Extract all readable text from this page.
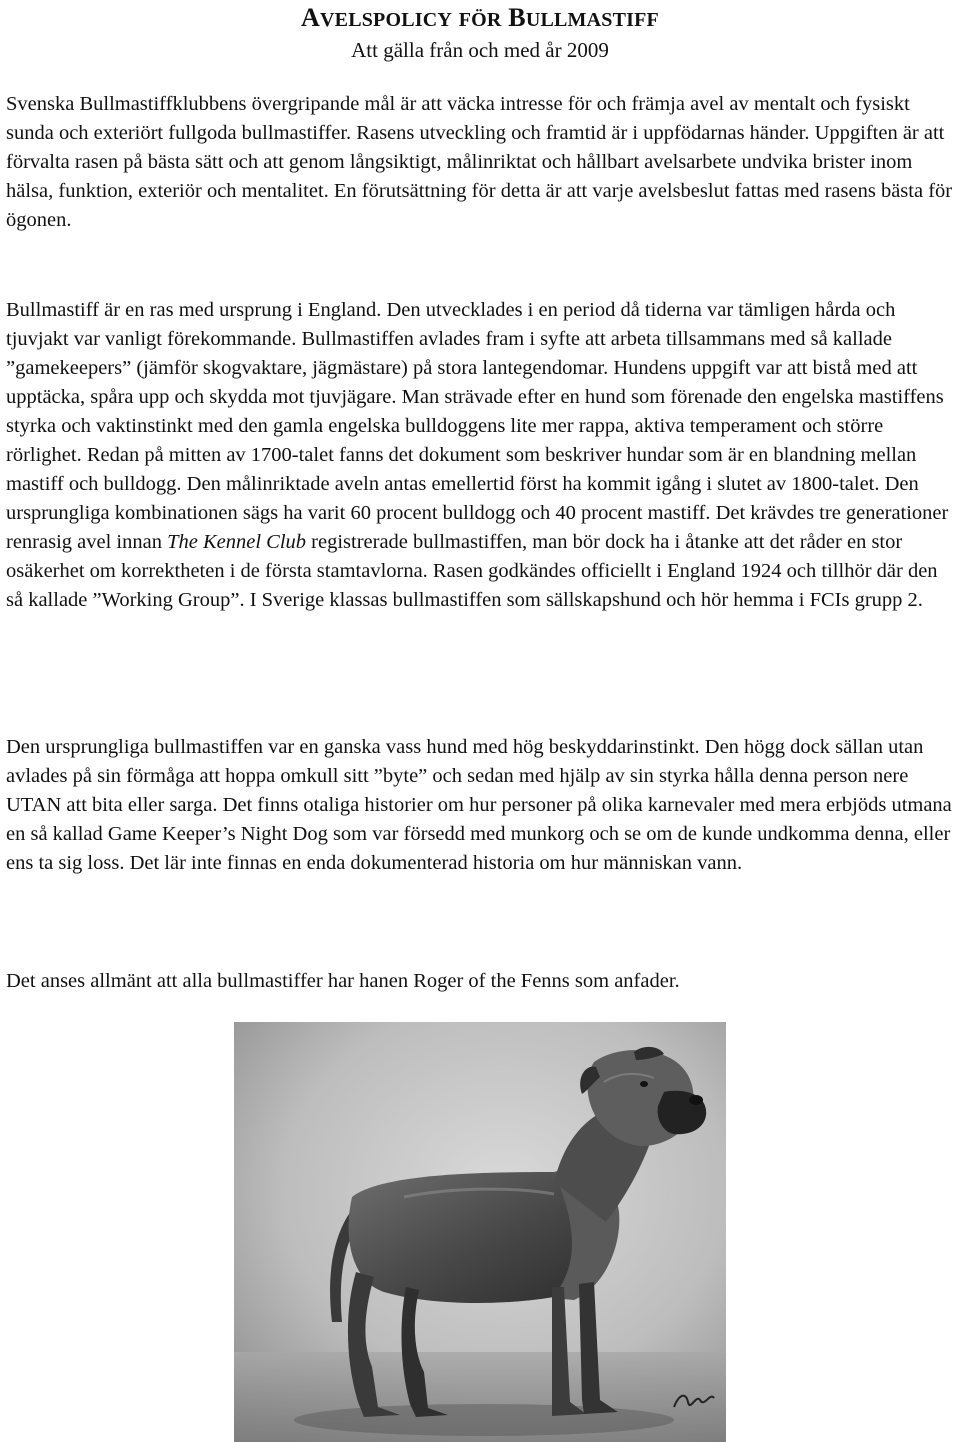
AVELSPOLICY FÖR BULLMASTIFF
Att gälla från och med år 2009

Svenska Bullmastiffklubbens övergripande mål är att väcka intresse för och främja avel av mentalt och fysiskt sunda och exteriört fullgoda bullmastiffer. Rasens utveckling och framtid är i uppfödarnas händer. Uppgiften är att förvalta rasen på bästa sätt och att genom långsiktigt, målinriktat och hållbart avelsarbete undvika brister inom hälsa, funktion, exteriör och mentalitet. En förutsättning för detta är att varje avelsbeslut fattas med rasens bästa för ögonen.

Bullmastiff är en ras med ursprung i England. Den utvecklades i en period då tiderna var tämligen hårda och tjuvjakt var vanligt förekommande. Bullmastiffen avlades fram i syfte att arbeta tillsammans med så kallade ”gamekeepers” (jämför skogvaktare, jägmästare) på stora lantegendomar. Hundens uppgift var att bistå med att upptäcka, spåra upp och skydda mot tjuvjägare. Man strävade efter en hund som förenade den engelska mastiffens styrka och vaktinstinkt med den gamla engelska bulldoggens lite mer rappa, aktiva temperament och större rörlighet. Redan på mitten av 1700-talet fanns det dokument som beskriver hundar som är en blandning mellan mastiff och bulldogg. Den målinriktade aveln antas emellertid först ha kommit igång i slutet av 1800-talet. Den ursprungliga kombinationen sägs ha varit 60 procent bulldogg och 40 procent mastiff. Det krävdes tre generationer renrasig avel innan The Kennel Club registrerade bullmastiffen, man bör dock ha i åtanke att det råder en stor osäkerhet om korrektheten i de första stamtavlorna. Rasen godkändes officiellt i England 1924 och tillhör där den så kallade ”Working Group”. I Sverige klassas bullmastiffen som sällskapshund och hör hemma i FCIs grupp 2.

Den ursprungliga bullmastiffen var en ganska vass hund med hög beskyddarinstinkt. Den högg dock sällan utan avlades på sin förmåga att hoppa omkull sitt ”byte” och sedan med hjälp av sin styrka hålla denna person nere UTAN att bita eller sarga. Det finns otaliga historier om hur personer på olika karnevaler med mera erbjöds utmana en så kallad Game Keeper’s Night Dog som var försedd med munkorg och se om de kunde undkomma denna, eller ens ta sig loss. Det lär inte finnas en enda dokumenterad historia om hur människan vann.

Det anses allmänt att alla bullmastiffer har hanen Roger of the Fenns som anfader.
